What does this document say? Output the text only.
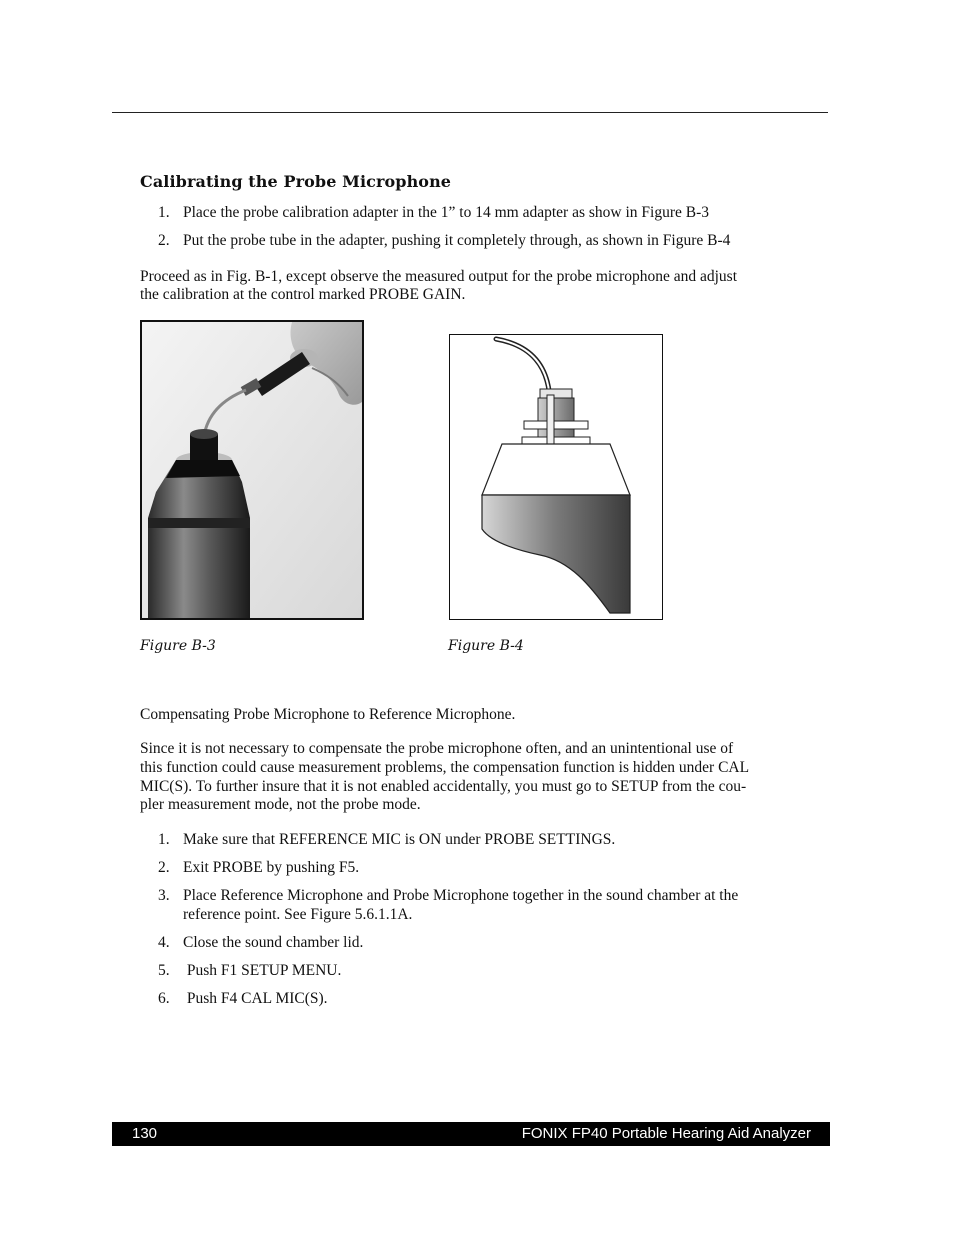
Calibrating the Probe Microphone
1. Place the probe calibration adapter in the 1” to 14 mm adapter as show in Figure B-3
2. Put the probe tube in the adapter, pushing it completely through, as shown in Figure B-4
Proceed as in Fig. B-1, except observe the measured output for the probe microphone and adjust
the calibration at the control marked PROBE GAIN.
Figure B-3	Figure B-4
Compensating Probe Microphone to Reference Microphone.
Since it is not necessary to compensate the probe microphone often, and an unintentional use of
this function could cause measurement problems, the compensation function is hidden under CAL
MIC(S). To further insure that it is not enabled accidentally, you must go to SETUP from the cou-
pler measurement mode, not the probe mode.
1. Make sure that REFERENCE MIC is ON under PROBE SETTINGS.
2. Exit PROBE by pushing F5.
3. Place Reference Microphone and Probe Microphone together in the sound chamber at the
reference point. See Figure 5.6.1.1A.
4. Close the sound chamber lid.
5. Push F1 SETUP MENU.
6. Push F4 CAL MIC(S).
130	FONIX FP40 Portable Hearing Aid Analyzer
